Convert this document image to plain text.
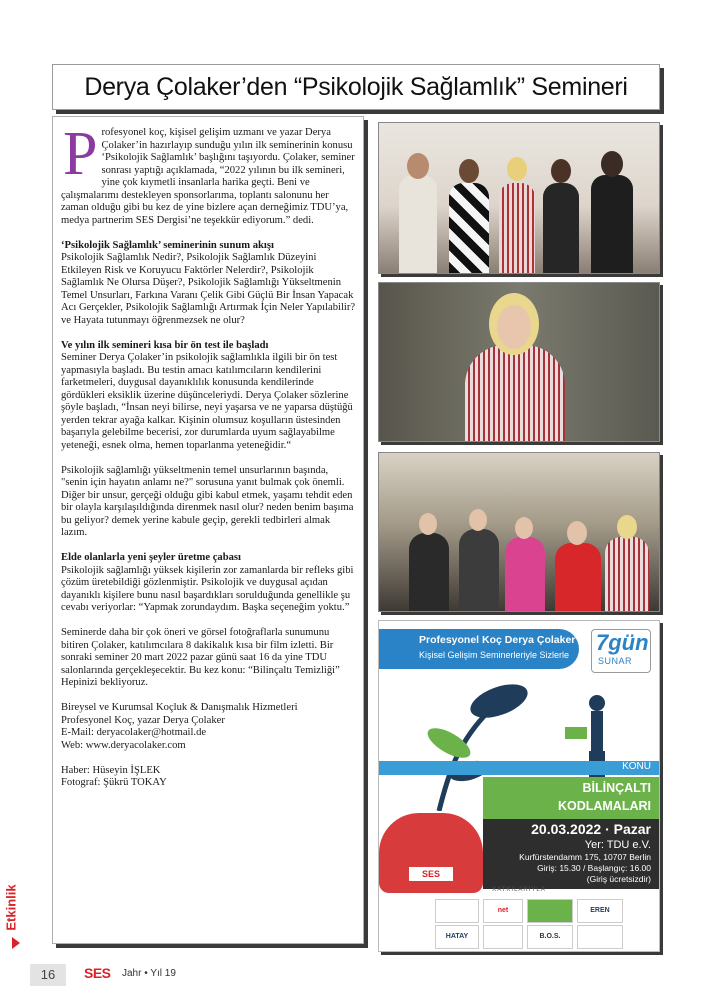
Derya Çolaker’den “Psikolojik Sağlamlık” Semineri

Profesyonel koç, kişisel gelişim uzmanı ve yazar Derya Çolaker’in hazırlayıp sunduğu yılın ilk seminerinin konusu ‘Psikolojik Sağlamlık’ başlığını taşıyordu. Çolaker, seminer sonrası yaptığı açıklamada, “2022 yılının bu ilk semineri, yine çok kıymetli insanlarla harika geçti. Beni ve çalışmalarımı destekleyen sponsorlarıma, toplantı salonunu her zaman olduğu gibi bu kez de yine bizlere açan derneğimiz TDU’ya, medya partnerim SES Dergisi’ne teşekkür ediyorum.” dedi.

‘Psikolojik Sağlamlık’ seminerinin sunum akışı
Psikolojik Sağlamlık Nedir?, Psikolojik Sağlamlık Düzeyini Etkileyen Risk ve Koruyucu Faktörler Nelerdir?, Psikolojik Sağlamlık Ne Olursa Düşer?, Psikolojik Sağlamlığı Yükseltmenin Temel Unsurları, Farkına Varanı Çelik Gibi Güçlü Bir İnsan Yapacak Acı Gerçekler, Psikolojik Sağlamlığı Artırmak İçin Neler Yapılabilir? ve Hayata tutunmayı öğrenmezsek ne olur?

Ve yılın ilk semineri kısa bir ön test ile başladı
Seminer Derya Çolaker’in psikolojik sağlamlıkla ilgili bir ön test yapmasıyla başladı. Bu testin amacı katılımcıların kendilerini farketmeleri, duygusal dayanıklılık konusunda kendilerinde gördükleri eksiklik üzerine düşünceleriydi. Derya Çolaker sözlerine şöyle başladı, “İnsan neyi bilirse, neyi yaşarsa ve ne yaparsa düştüğü yerden tekrar ayağa kalkar. Kişinin olumsuz koşulların üstesinden başarıyla gelebilme becerisi, zor durumlarda uyum sağlayabilme yeteneği, esnek olma, hemen toparlanma yeteneğidir.“

Psikolojik sağlamlığı yükseltmenin temel unsurlarının başında, "senin için hayatın anlamı ne?" sorusuna yanıt bulmak çok önemli. Diğer bir unsur, gerçeği olduğu gibi kabul etmek, yaşamı tehdit eden bir olayla karşılaşıldığında direnmek nasıl olur? neden benim başıma bu geliyor? demek yerine kabule geçip, gerekli tedbirleri almak lazım.

Elde olanlarla yeni şeyler üretme çabası
Psikolojik sağlamlığı yüksek kişilerin zor zamanlarda bir refleks gibi çözüm üretebildiği gözlenmiştir. Psikolojik ve duygusal açıdan dayanıklı kişilere bunu nasıl başardıkları sorulduğunda genellikle şu cevabı veriyorlar: “Yapmak zorundaydım. Başka seçeneğim yoktu.”

Seminerde daha bir çok öneri ve görsel fotoğraflarla sunumunu bitiren Çolaker, katılımcılara 8 dakikalık kısa bir film izletti. Bir sonraki seminer 20 mart 2022 pazar günü saat 16 da yine TDU salonlarında gerçekleşecektir. Bu kez konu: “Bilinçaltı Temizliği” Hepinizi bekliyoruz.

Bireysel ve Kurumsal Koçluk & Danışmalık Hizmetleri
Profesyonel Koç, yazar Derya Çolaker
E-Mail: deryacolaker@hotmail.de
Web: www.deryacolaker.com

Haber: Hüseyin İŞLEK
Fotograf: Şükrü TOKAY

Etkinlik
Profesyonel Koç Derya Çolaker
Kişisel Gelişim Seminerleriyle Sizlerle 7gün
SUNAR
KONU
BİLİNÇALTI
KODLAMALARI
SES
20.03.2022 · Pazar
Yer: TDU e.V.
Kurfürstendamm 175, 10707 Berlin
Giriş: 15.30 / Başlangıç: 16.00
(Giriş ücretsizdir)
KATKILARIYLA
net	EREN
HATAY	B.O.S.
16	SES Jahr • Yıl 19
